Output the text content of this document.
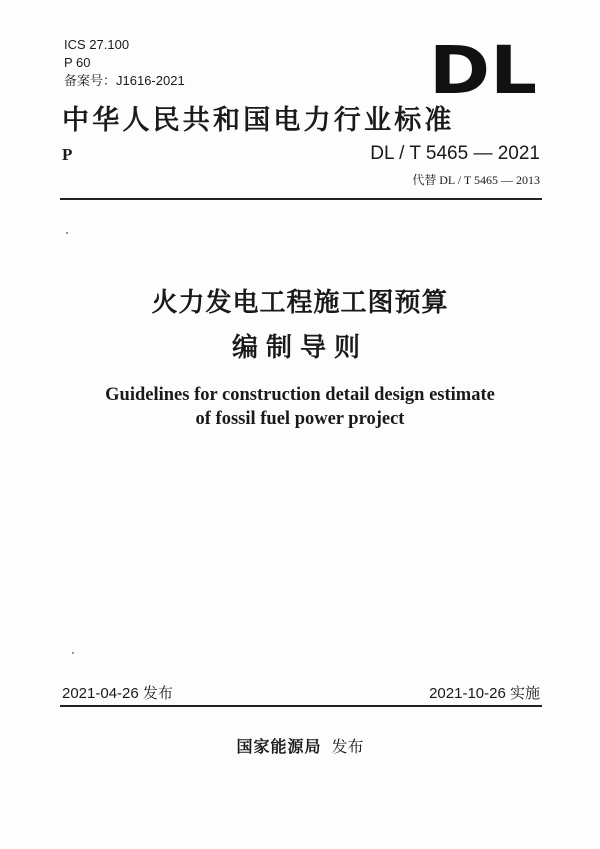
ICS 27.100
P 60
备案号：J1616-2021	DL
中华人民共和国电力行业标准
P	DL / T 5465 — 2021
代替 DL / T 5465 — 2013
火力发电工程施工图预算
编制导则
Guidelines for construction detail design estimate
of fossil fuel power project
2021-04-26 发布	2021-10-26 实施
国家能源局 发布
